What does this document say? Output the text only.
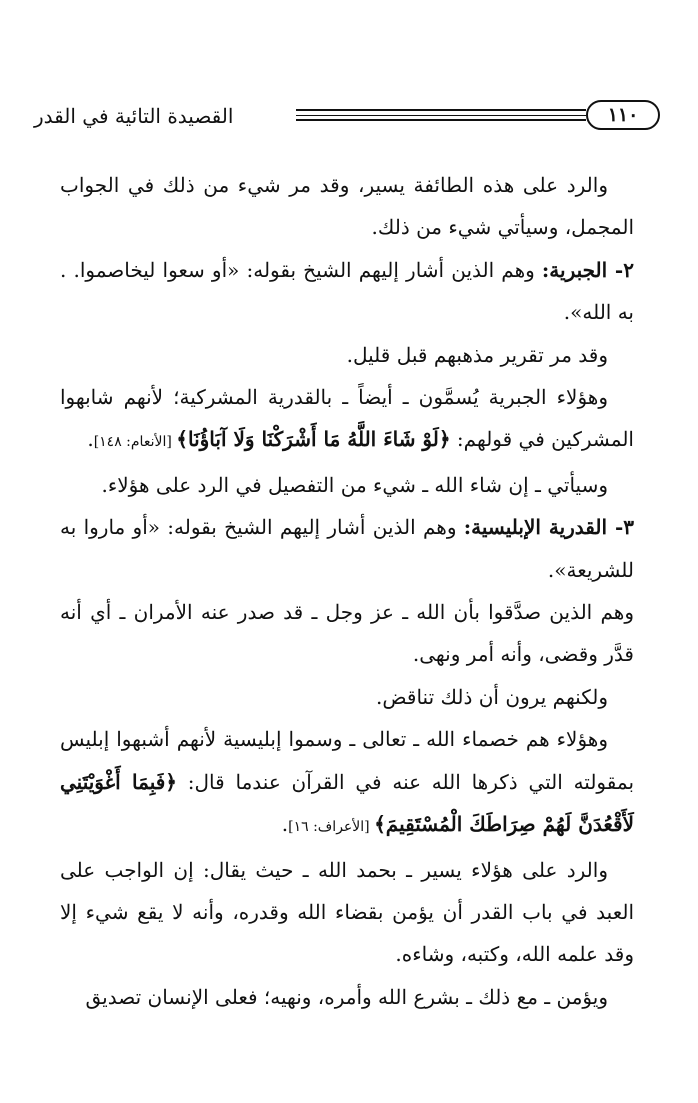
١١٠
القصيدة التائية في القدر

والرد على هذه الطائفة يسير، وقد مر شيء من ذلك في الجواب المجمل، وسيأتي شيء من ذلك.

٢- الجبرية: وهم الذين أشار إليهم الشيخ بقوله: «أو سعوا ليخاصموا. . به الله».

وقد مر تقرير مذهبهم قبل قليل.

وهؤلاء الجبرية يُسمَّون ـ أيضاً ـ بالقدرية المشركية؛ لأنهم شابهوا المشركين في قولهم: ﴿لَوْ شَاءَ اللَّهُ مَا أَشْرَكْنَا وَلَا آبَاؤُنَا﴾ [الأنعام: ١٤٨].

وسيأتي ـ إن شاء الله ـ شيء من التفصيل في الرد على هؤلاء.

٣- القدرية الإبليسية: وهم الذين أشار إليهم الشيخ بقوله: «أو ماروا به للشريعة».

وهم الذين صدَّقوا بأن الله ـ عز وجل ـ قد صدر عنه الأمران ـ أي أنه قدَّر وقضى، وأنه أمر ونهى.

ولكنهم يرون أن ذلك تناقض.

وهؤلاء هم خصماء الله ـ تعالى ـ وسموا إبليسية لأنهم أشبهوا إبليس بمقولته التي ذكرها الله عنه في القرآن عندما قال: ﴿فَبِمَا أَغْوَيْتَنِي لَأَقْعُدَنَّ لَهُمْ صِرَاطَكَ الْمُسْتَقِيمَ﴾ [الأعراف: ١٦].

والرد على هؤلاء يسير ـ بحمد الله ـ حيث يقال: إن الواجب على العبد في باب القدر أن يؤمن بقضاء الله وقدره، وأنه لا يقع شيء إلا وقد علمه الله، وكتبه، وشاءه.

ويؤمن ـ مع ذلك ـ بشرع الله وأمره، ونهيه؛ فعلى الإنسان تصديق
